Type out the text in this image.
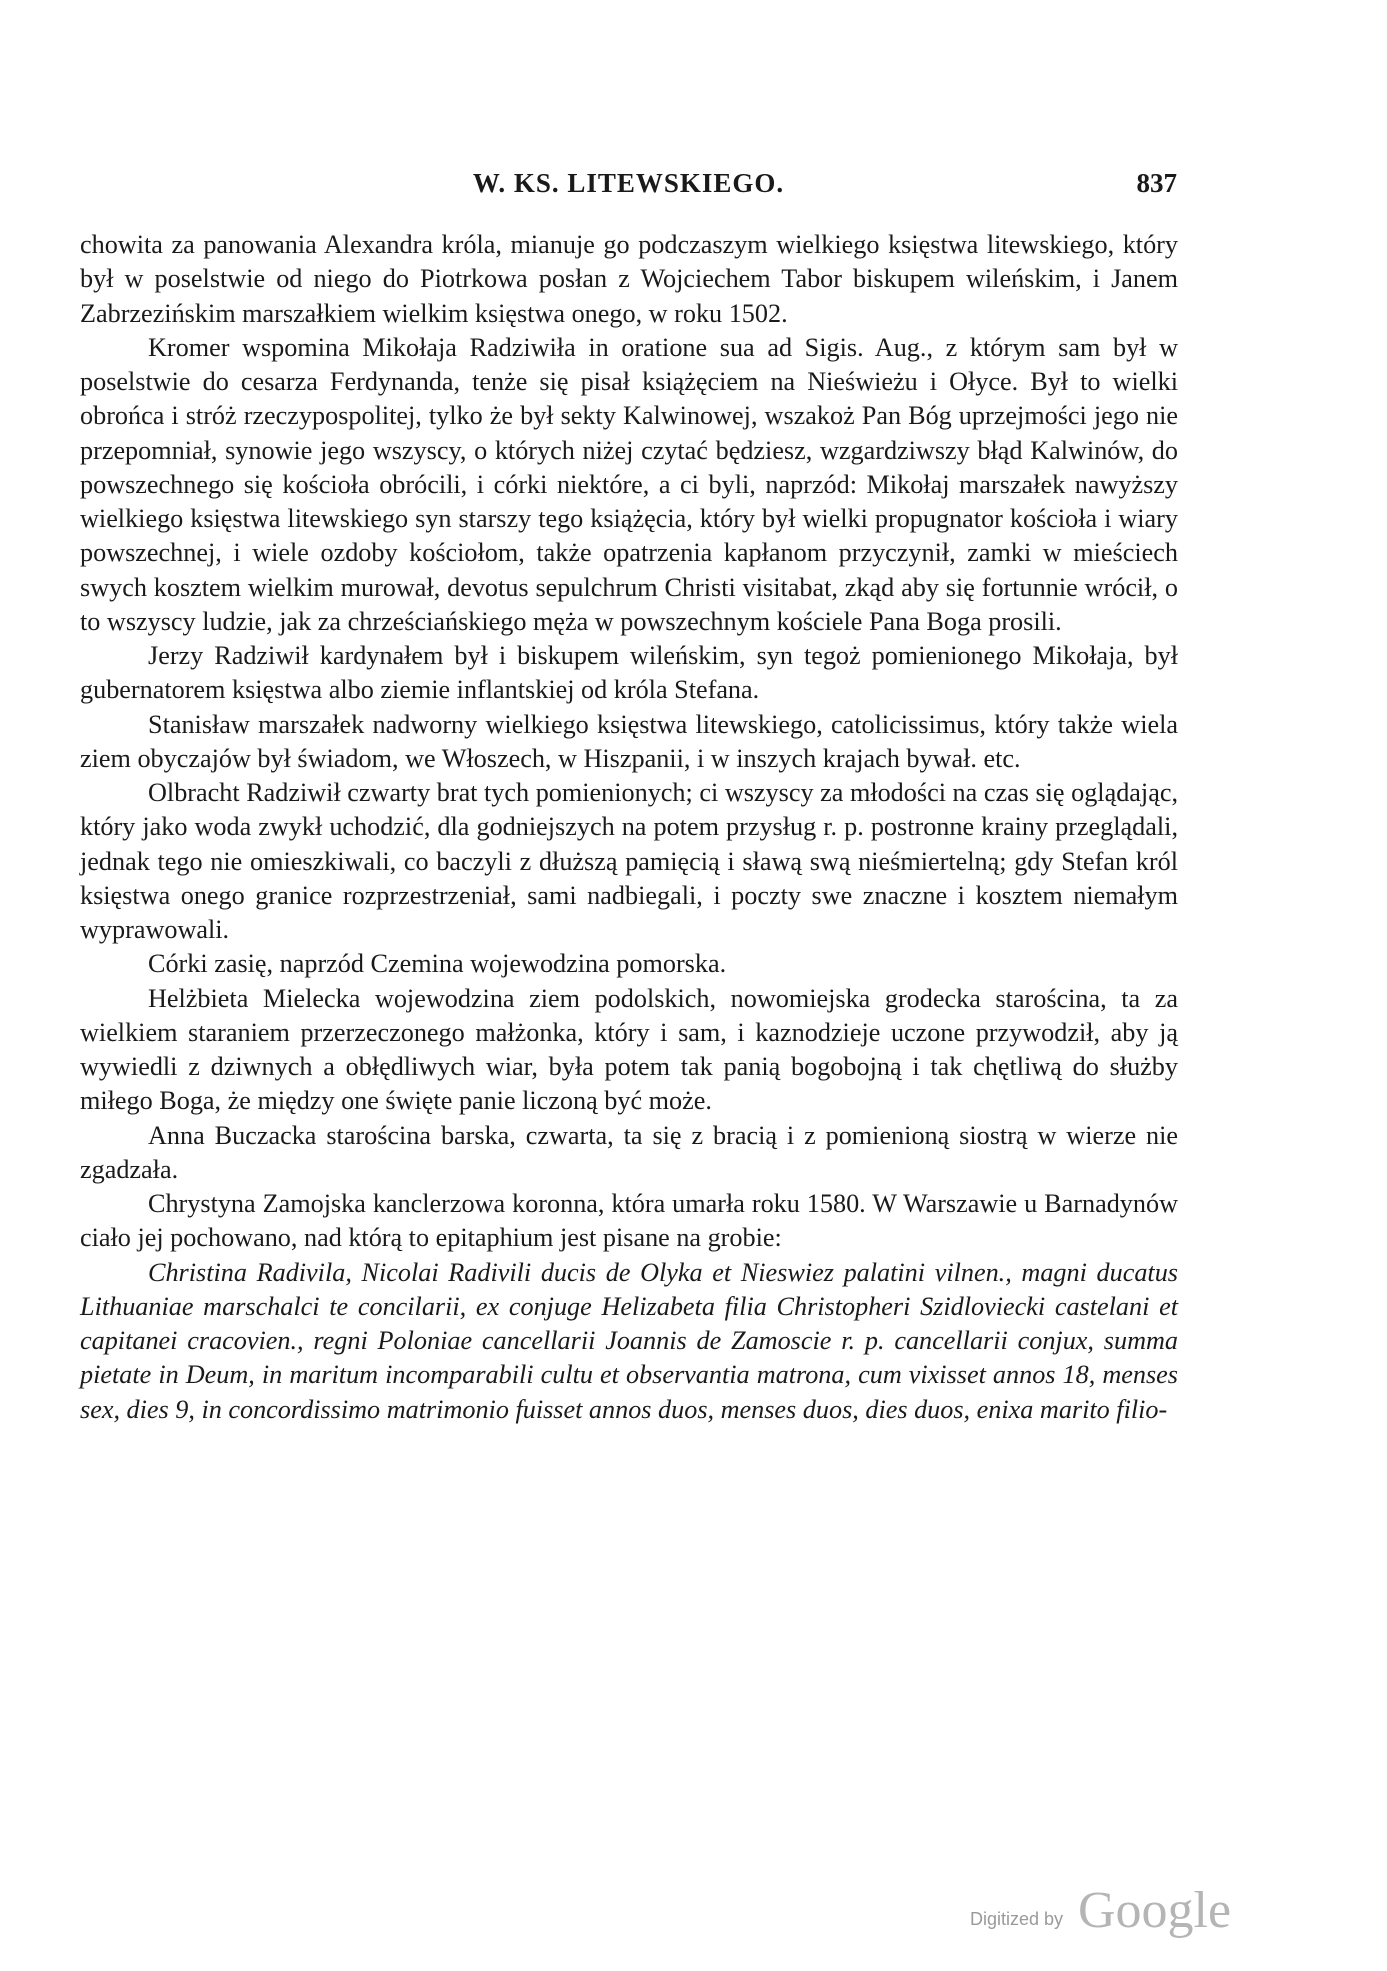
W. KS. LITEWSKIEGO.	837

chowita za panowania Alexandra króla, mianuje go podczaszym wielkiego księstwa litewskiego, który był w poselstwie od niego do Piotrkowa posłan z Wojciechem Tabor biskupem wileńskim, i Janem Zabrzezińskim marszałkiem wielkim księstwa onego, w roku 1502.

Kromer wspomina Mikołaja Radziwiła in oratione sua ad Sigis. Aug., z którym sam był w poselstwie do cesarza Ferdynanda, tenże się pisał książęciem na Nieświeżu i Ołyce. Był to wielki obrońca i stróż rzeczypospolitej, tylko że był sekty Kalwinowej, wszakoż Pan Bóg uprzejmości jego nie przepomniał, synowie jego wszyscy, o których niżej czytać będziesz, wzgardziwszy błąd Kalwinów, do powszechnego się kościoła obrócili, i córki niektóre, a ci byli, naprzód: Mikołaj marszałek nawyższy wielkiego księstwa litewskiego syn starszy tego książęcia, który był wielki propugnator kościoła i wiary powszechnej, i wiele ozdoby kościołom, także opatrzenia kapłanom przyczynił, zamki w mieściech swych kosztem wielkim murował, devotus sepulchrum Christi visitabat, zkąd aby się fortunnie wrócił, o to wszyscy ludzie, jak za chrześciańskiego męża w powszechnym kościele Pana Boga prosili.

Jerzy Radziwił kardynałem był i biskupem wileńskim, syn tegoż pomienionego Mikołaja, był gubernatorem księstwa albo ziemie inflantskiej od króla Stefana.

Stanisław marszałek nadworny wielkiego księstwa litewskiego, catolicissimus, który także wiela ziem obyczajów był świadom, we Włoszech, w Hiszpanii, i w inszych krajach bywał. etc.

Olbracht Radziwił czwarty brat tych pomienionych; ci wszyscy za młodości na czas się oglądając, który jako woda zwykł uchodzić, dla godniejszych na potem przysług r. p. postronne krainy przeglądali, jednak tego nie omieszkiwali, co baczyli z dłuższą pamięcią i sławą swą nieśmiertelną; gdy Stefan król księstwa onego granice rozprzestrzeniał, sami nadbiegali, i poczty swe znaczne i kosztem niemałym wyprawowali.

Córki zasię, naprzód Czemina wojewodzina pomorska.

Helżbieta Mielecka wojewodzina ziem podolskich, nowomiejska grodecka starościna, ta za wielkiem staraniem przerzeczonego małżonka, który i sam, i kaznodzieje uczone przywodził, aby ją wywiedli z dziwnych a obłędliwych wiar, była potem tak panią bogobojną i tak chętliwą do służby miłego Boga, że między one święte panie liczoną być może.

Anna Buczacka starościna barska, czwarta, ta się z bracią i z pomienioną siostrą w wierze nie zgadzała.

Chrystyna Zamojska kanclerzowa koronna, która umarła roku 1580. W Warszawie u Barnadynów ciało jej pochowano, nad którą to epitaphium jest pisane na grobie:

Christina Radivila, Nicolai Radivili ducis de Olyka et Nieswiez palatini vilnen., magni ducatus Lithuaniae marschalci te concilarii, ex conjuge Helizabeta filia Christopheri Szidloviecki castelani et capitanei cracovien., regni Poloniae cancellarii Joannis de Zamoscie r. p. cancellarii conjux, summa pietate in Deum, in maritum incomparabili cultu et observantia matrona, cum vixisset annos 18, menses sex, dies 9, in concordissimo matrimonio fuisset annos duos, menses duos, dies duos, enixa marito filio-

Digitized by Google
